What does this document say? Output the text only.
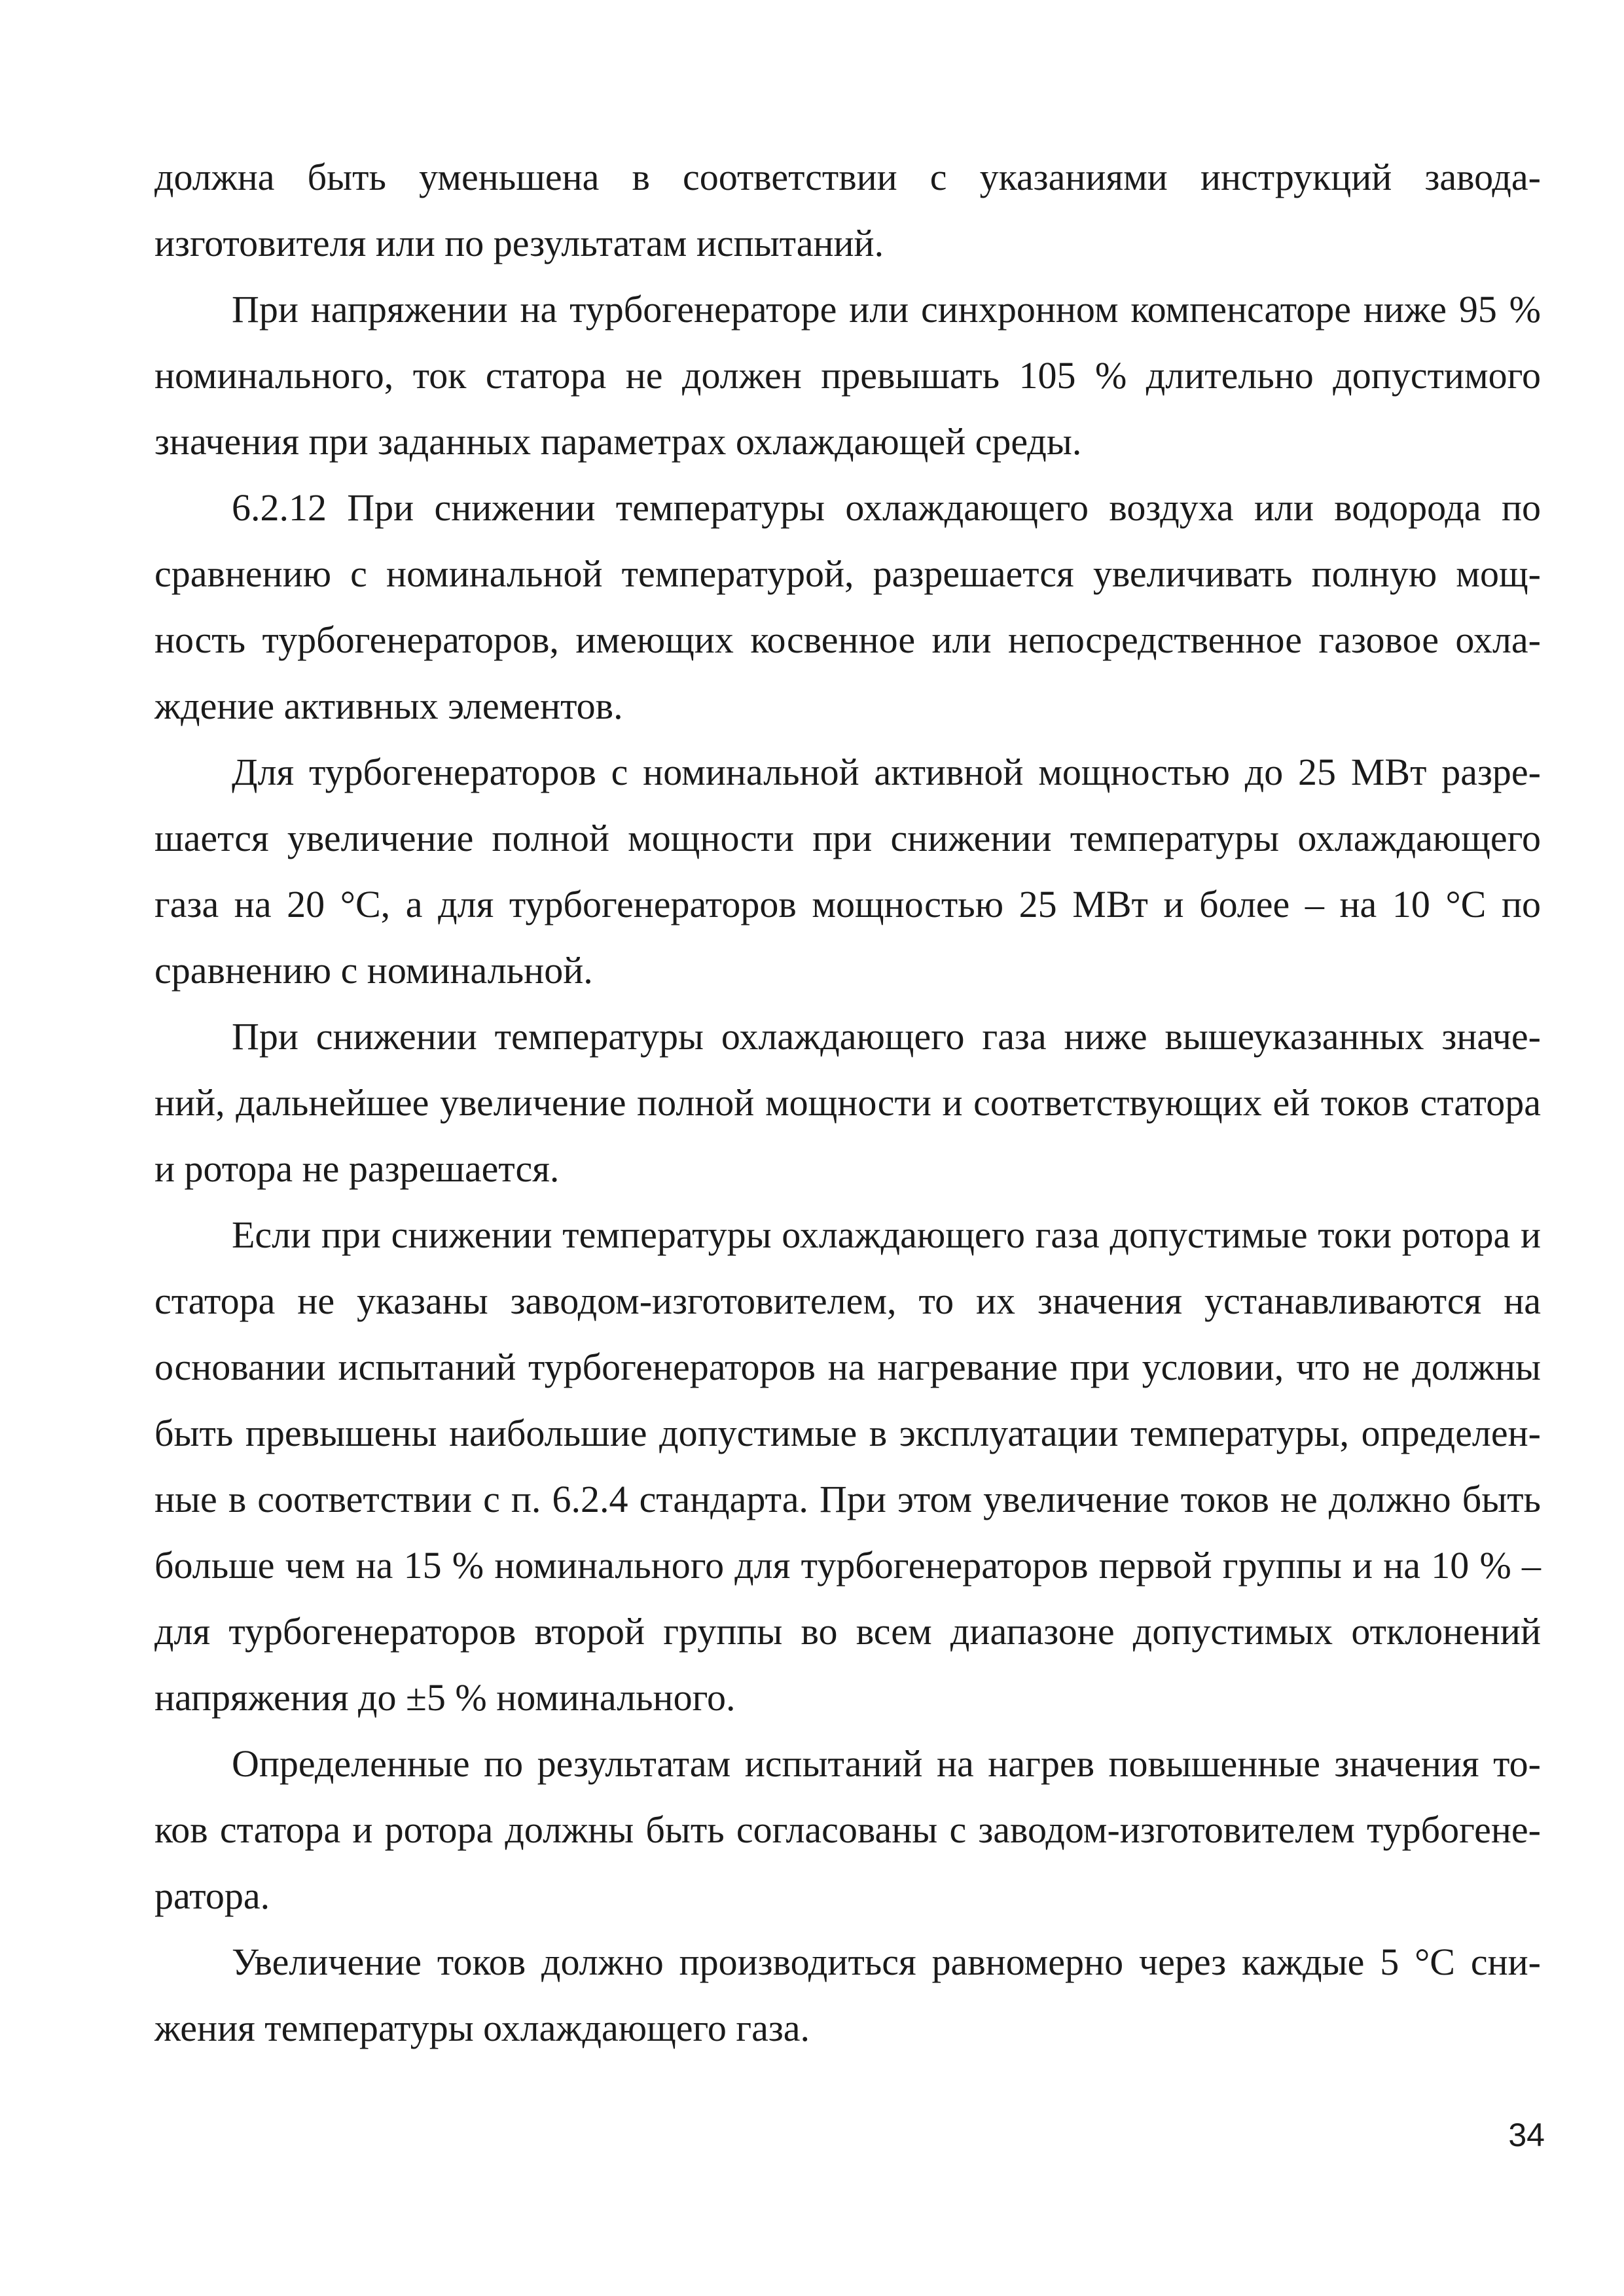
должна быть уменьшена в соответствии с указаниями инструкций завода-изготовителя или по результатам испытаний.

При напряжении на турбогенераторе или синхронном компенсаторе ниже 95 % номинального, ток статора не должен превышать 105 % длительно допустимого значения при заданных параметрах охлаждающей среды.

6.2.12 При снижении температуры охлаждающего воздуха или водорода по сравнению с номинальной температурой, разрешается увеличивать полную мощность турбогенераторов, имеющих косвенное или непосредственное газовое охлаждение активных элементов.

Для турбогенераторов с номинальной активной мощностью до 25 МВт разрешается увеличение полной мощности при снижении температуры охлаждающего газа на 20 °С, а для турбогенераторов мощностью 25 МВт и более – на 10 °С по сравнению с номинальной.

При снижении температуры охлаждающего газа ниже вышеуказанных значений, дальнейшее увеличение полной мощности и соответствующих ей токов статора и ротора не разрешается.

Если при снижении температуры охлаждающего газа допустимые токи ротора и статора не указаны заводом-изготовителем, то их значения устанавливаются на основании испытаний турбогенераторов на нагревание при условии, что не должны быть превышены наибольшие допустимые в эксплуатации температуры, определенные в соответствии с п. 6.2.4 стандарта. При этом увеличение токов не должно быть больше чем на 15 % номинального для турбогенераторов первой группы и на 10 % – для турбогенераторов второй группы во всем диапазоне допустимых отклонений напряжения до ±5 % номинального.

Определенные по результатам испытаний на нагрев повышенные значения токов статора и ротора должны быть согласованы с заводом-изготовителем турбогенератора.

Увеличение токов должно производиться равномерно через каждые 5 °С снижения температуры охлаждающего газа.

34
